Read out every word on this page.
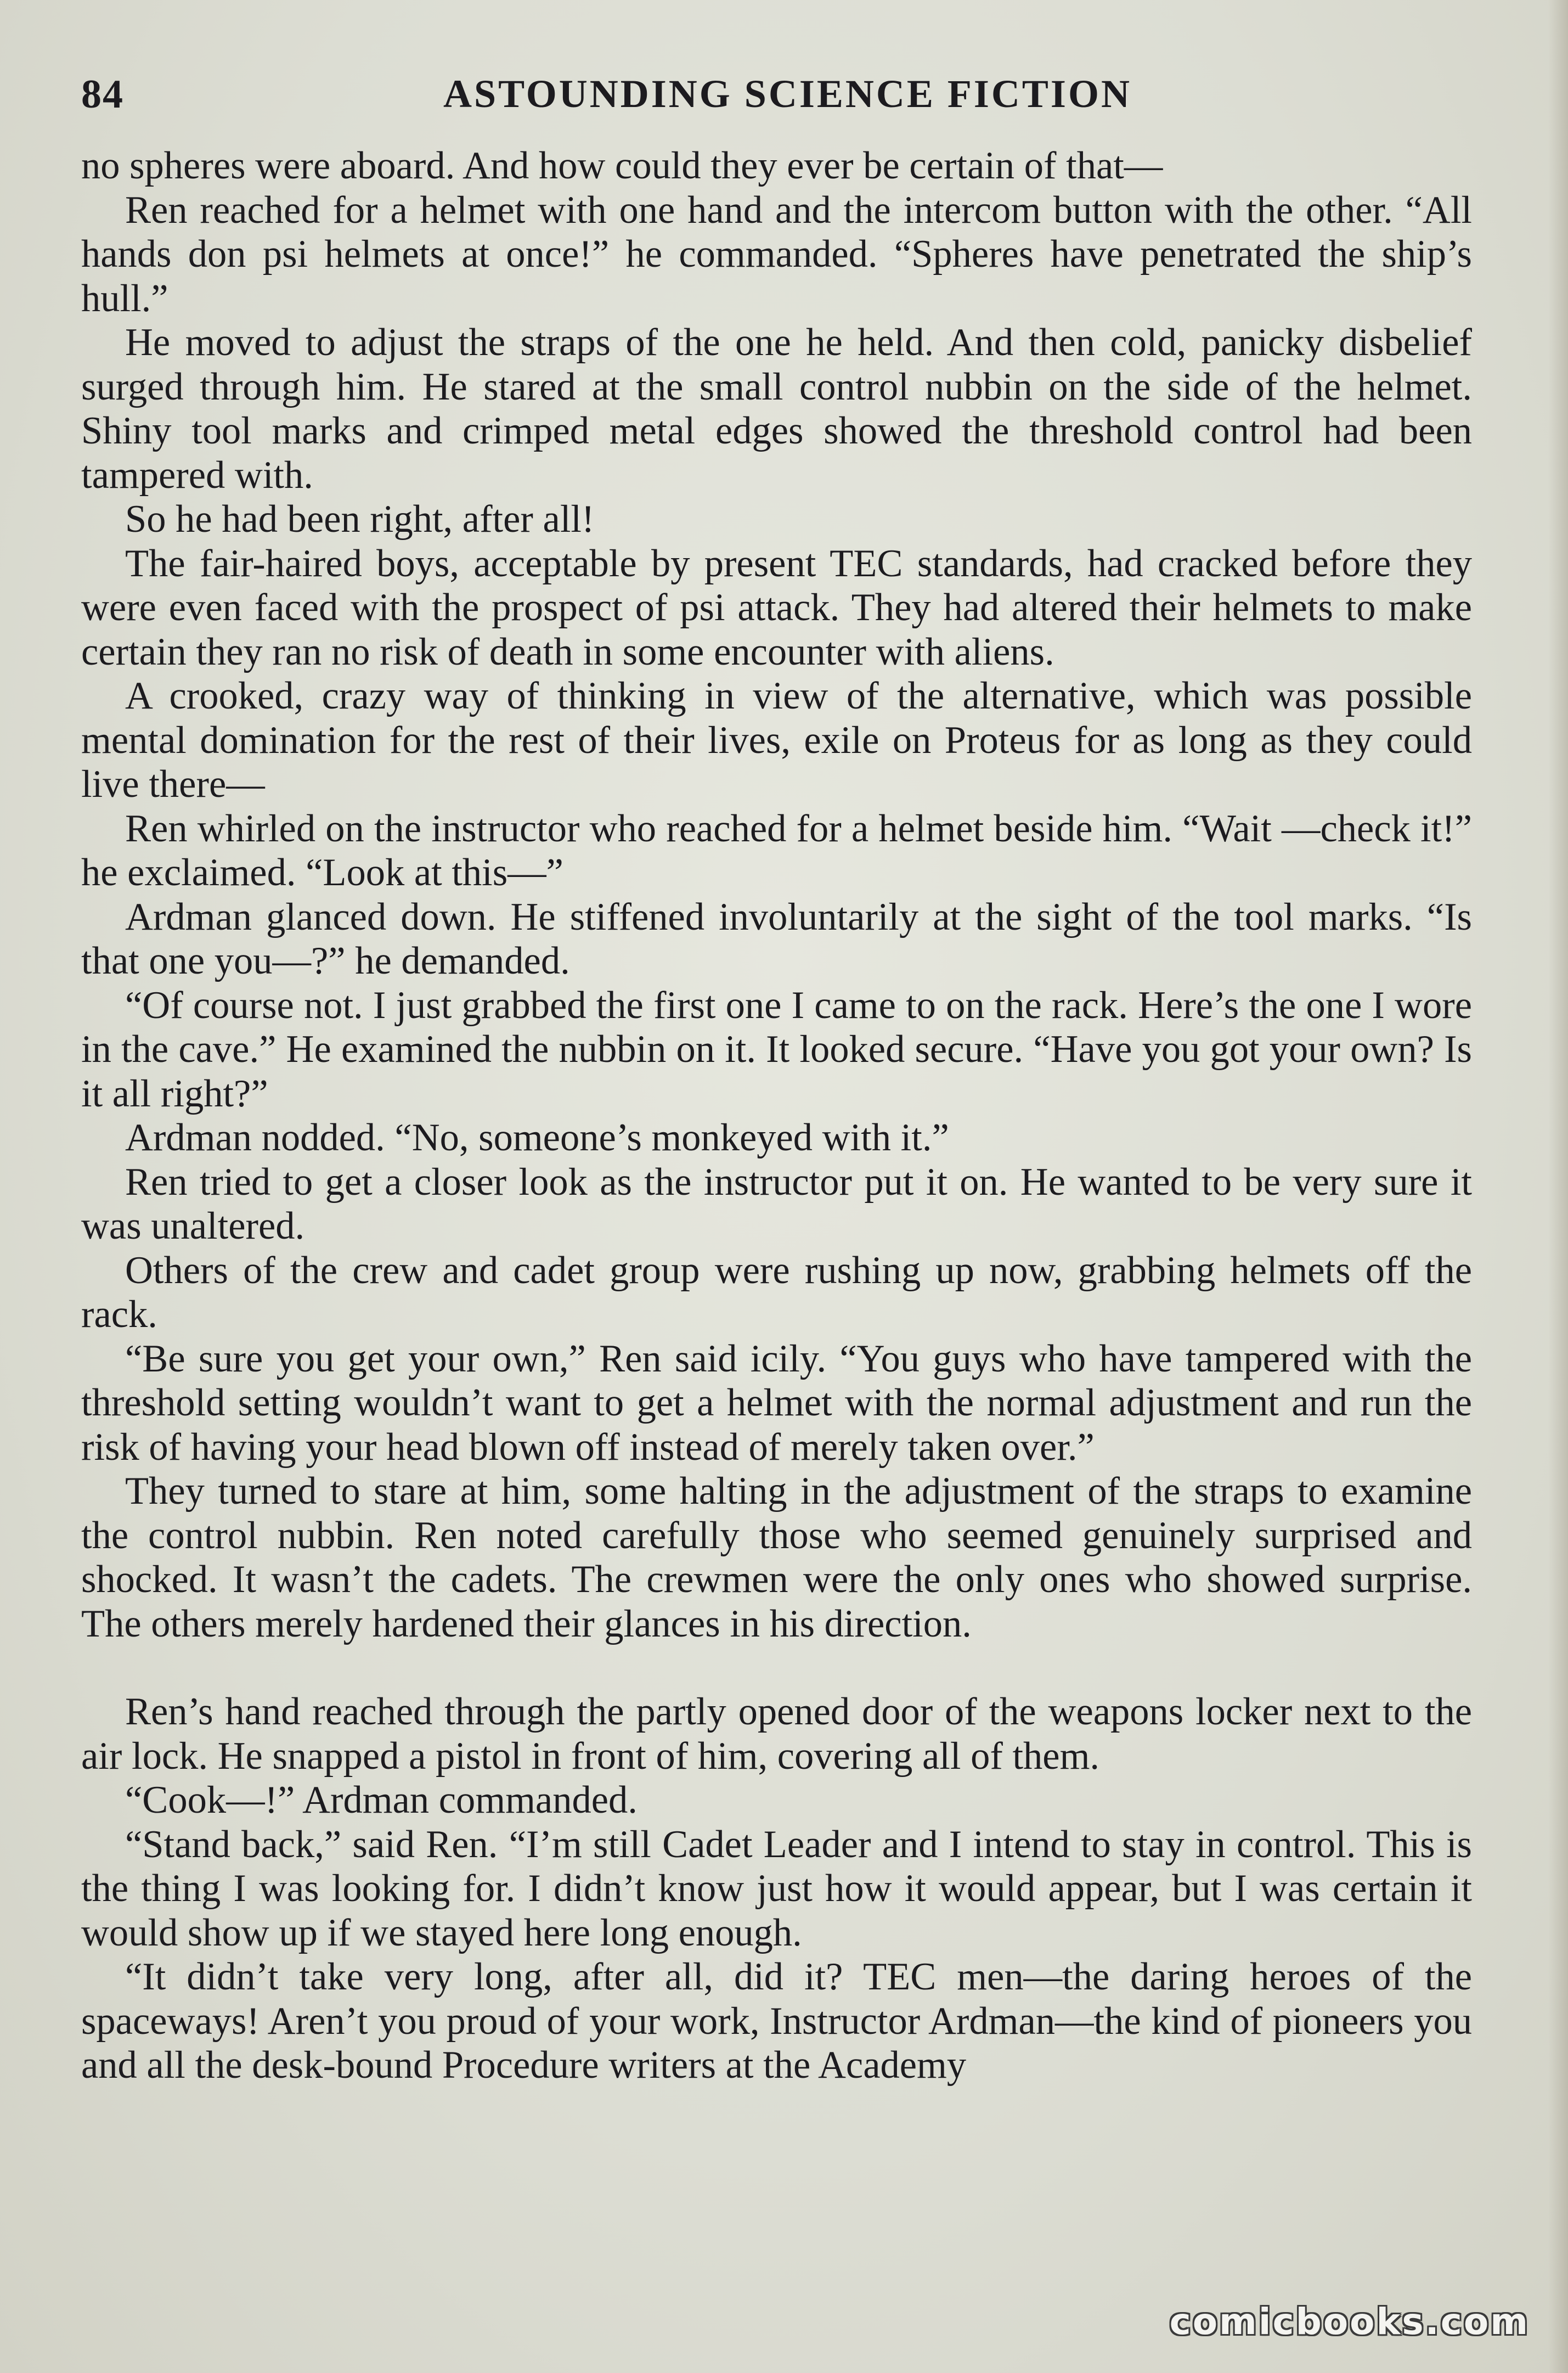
84	ASTOUNDING SCIENCE FICTION

no spheres were aboard. And how could they ever be certain of that—

Ren reached for a helmet with one hand and the intercom button with the other. “All hands don psi helmets at once!” he commanded. “Spheres have penetrated the ship’s hull.”

He moved to adjust the straps of the one he held. And then cold, panicky disbelief surged through him. He stared at the small control nubbin on the side of the helmet. Shiny tool marks and crimped metal edges showed the threshold control had been tampered with.

So he had been right, after all!

The fair-haired boys, acceptable by present TEC standards, had cracked before they were even faced with the prospect of psi attack. They had altered their helmets to make certain they ran no risk of death in some encounter with aliens.

A crooked, crazy way of thinking in view of the alternative, which was possible mental domination for the rest of their lives, exile on Proteus for as long as they could live there—

Ren whirled on the instructor who reached for a helmet beside him. “Wait —check it!” he exclaimed. “Look at this—”

Ardman glanced down. He stiffened involuntarily at the sight of the tool marks. “Is that one you—?” he demanded.

“Of course not. I just grabbed the first one I came to on the rack. Here’s the one I wore in the cave.” He examined the nubbin on it. It looked secure. “Have you got your own? Is it all right?”

Ardman nodded. “No, someone’s monkeyed with it.”

Ren tried to get a closer look as the instructor put it on. He wanted to be very sure it was unaltered.

Others of the crew and cadet group were rushing up now, grabbing helmets off the rack.

“Be sure you get your own,” Ren said icily. “You guys who have tampered with the threshold setting wouldn’t want to get a helmet with the normal adjustment and run the risk of having your head blown off instead of merely taken over.”

They turned to stare at him, some halting in the adjustment of the straps to examine the control nubbin. Ren noted carefully those who seemed genuinely surprised and shocked. It wasn’t the cadets. The crewmen were the only ones who showed surprise. The others merely hardened their glances in his direction.

Ren’s hand reached through the partly opened door of the weapons locker next to the air lock. He snapped a pistol in front of him, covering all of them.

“Cook—!” Ardman commanded.

“Stand back,” said Ren. “I’m still Cadet Leader and I intend to stay in control. This is the thing I was looking for. I didn’t know just how it would appear, but I was certain it would show up if we stayed here long enough.

“It didn’t take very long, after all, did it? TEC men—the daring heroes of the spaceways! Aren’t you proud of your work, Instructor Ardman—the kind of pioneers you and all the desk-bound Procedure writers at the Academy

comicbooks.com
